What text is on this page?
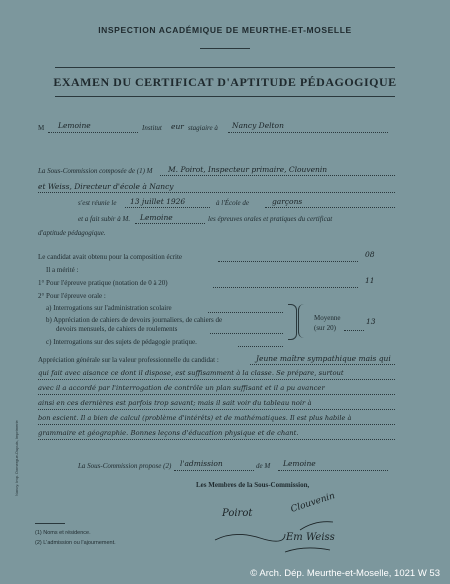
INSPECTION ACADÉMIQUE DE MEURTHE-ET-MOSELLE
EXAMEN DU CERTIFICAT D'APTITUDE PÉDAGOGIQUE
M Lemoine	Institut eur stagiaire à Nancy Delton
La Sous-Commission composée de (1) M M. Poirot, Inspecteur primaire, Clouvenin
et Weiss, Directeur d'école à Nancy
s'est réunie le 13 juillet 1926	à l'École de	garçons
et a fait subir à M. Lemoine	les épreuves orales et pratiques du certificat
d'aptitude pédagogique.
Le candidat avait obtenu pour la composition écrite	08
Il a mérité :
1° Pour l'épreuve pratique (notation de 0 à 20)	11
2° Pour l'épreuve orale :
a) Interrogations sur l'administration scolaire
b) Appréciation de cahiers de devoirs journaliers, de cahiers de
devoirs mensuels, de cahiers de roulements
c) Interrogations sur des sujets de pédagogie pratique.
Moyenne
(sur 20)
13
Appréciation générale sur la valeur professionnelle du candidat :	Jeune maître sympathique mais qui
qui fait avec aisance ce dont il dispose, est suffisamment à la classe. Se prépare, surtout
avec il a accordé par l'interrogation de contrôle un plan suffisant et il a pu avancer
ainsi en ces dernières est parfois trop savant; mais il sait voir du tableau noir à
bon escient. Il a bien de calcul (problème d'intérêts) et de mathématiques. Il est plus habile à
grammaire et géographie. Bonnes leçons d'éducation physique et de chant.
La Sous-Commission propose (2) l'admission	de M Lemoine
Les Membres de la Sous-Commission,
Poirot	Clouvenin
Em Weiss
(1) Noms et résidence.
(2) L'admission ou l'ajournement.
Nancy. Imp. Domergue-Dupuis, Imprimerie
© Arch. Dép. Meurthe-et-Moselle, 1021 W 53
